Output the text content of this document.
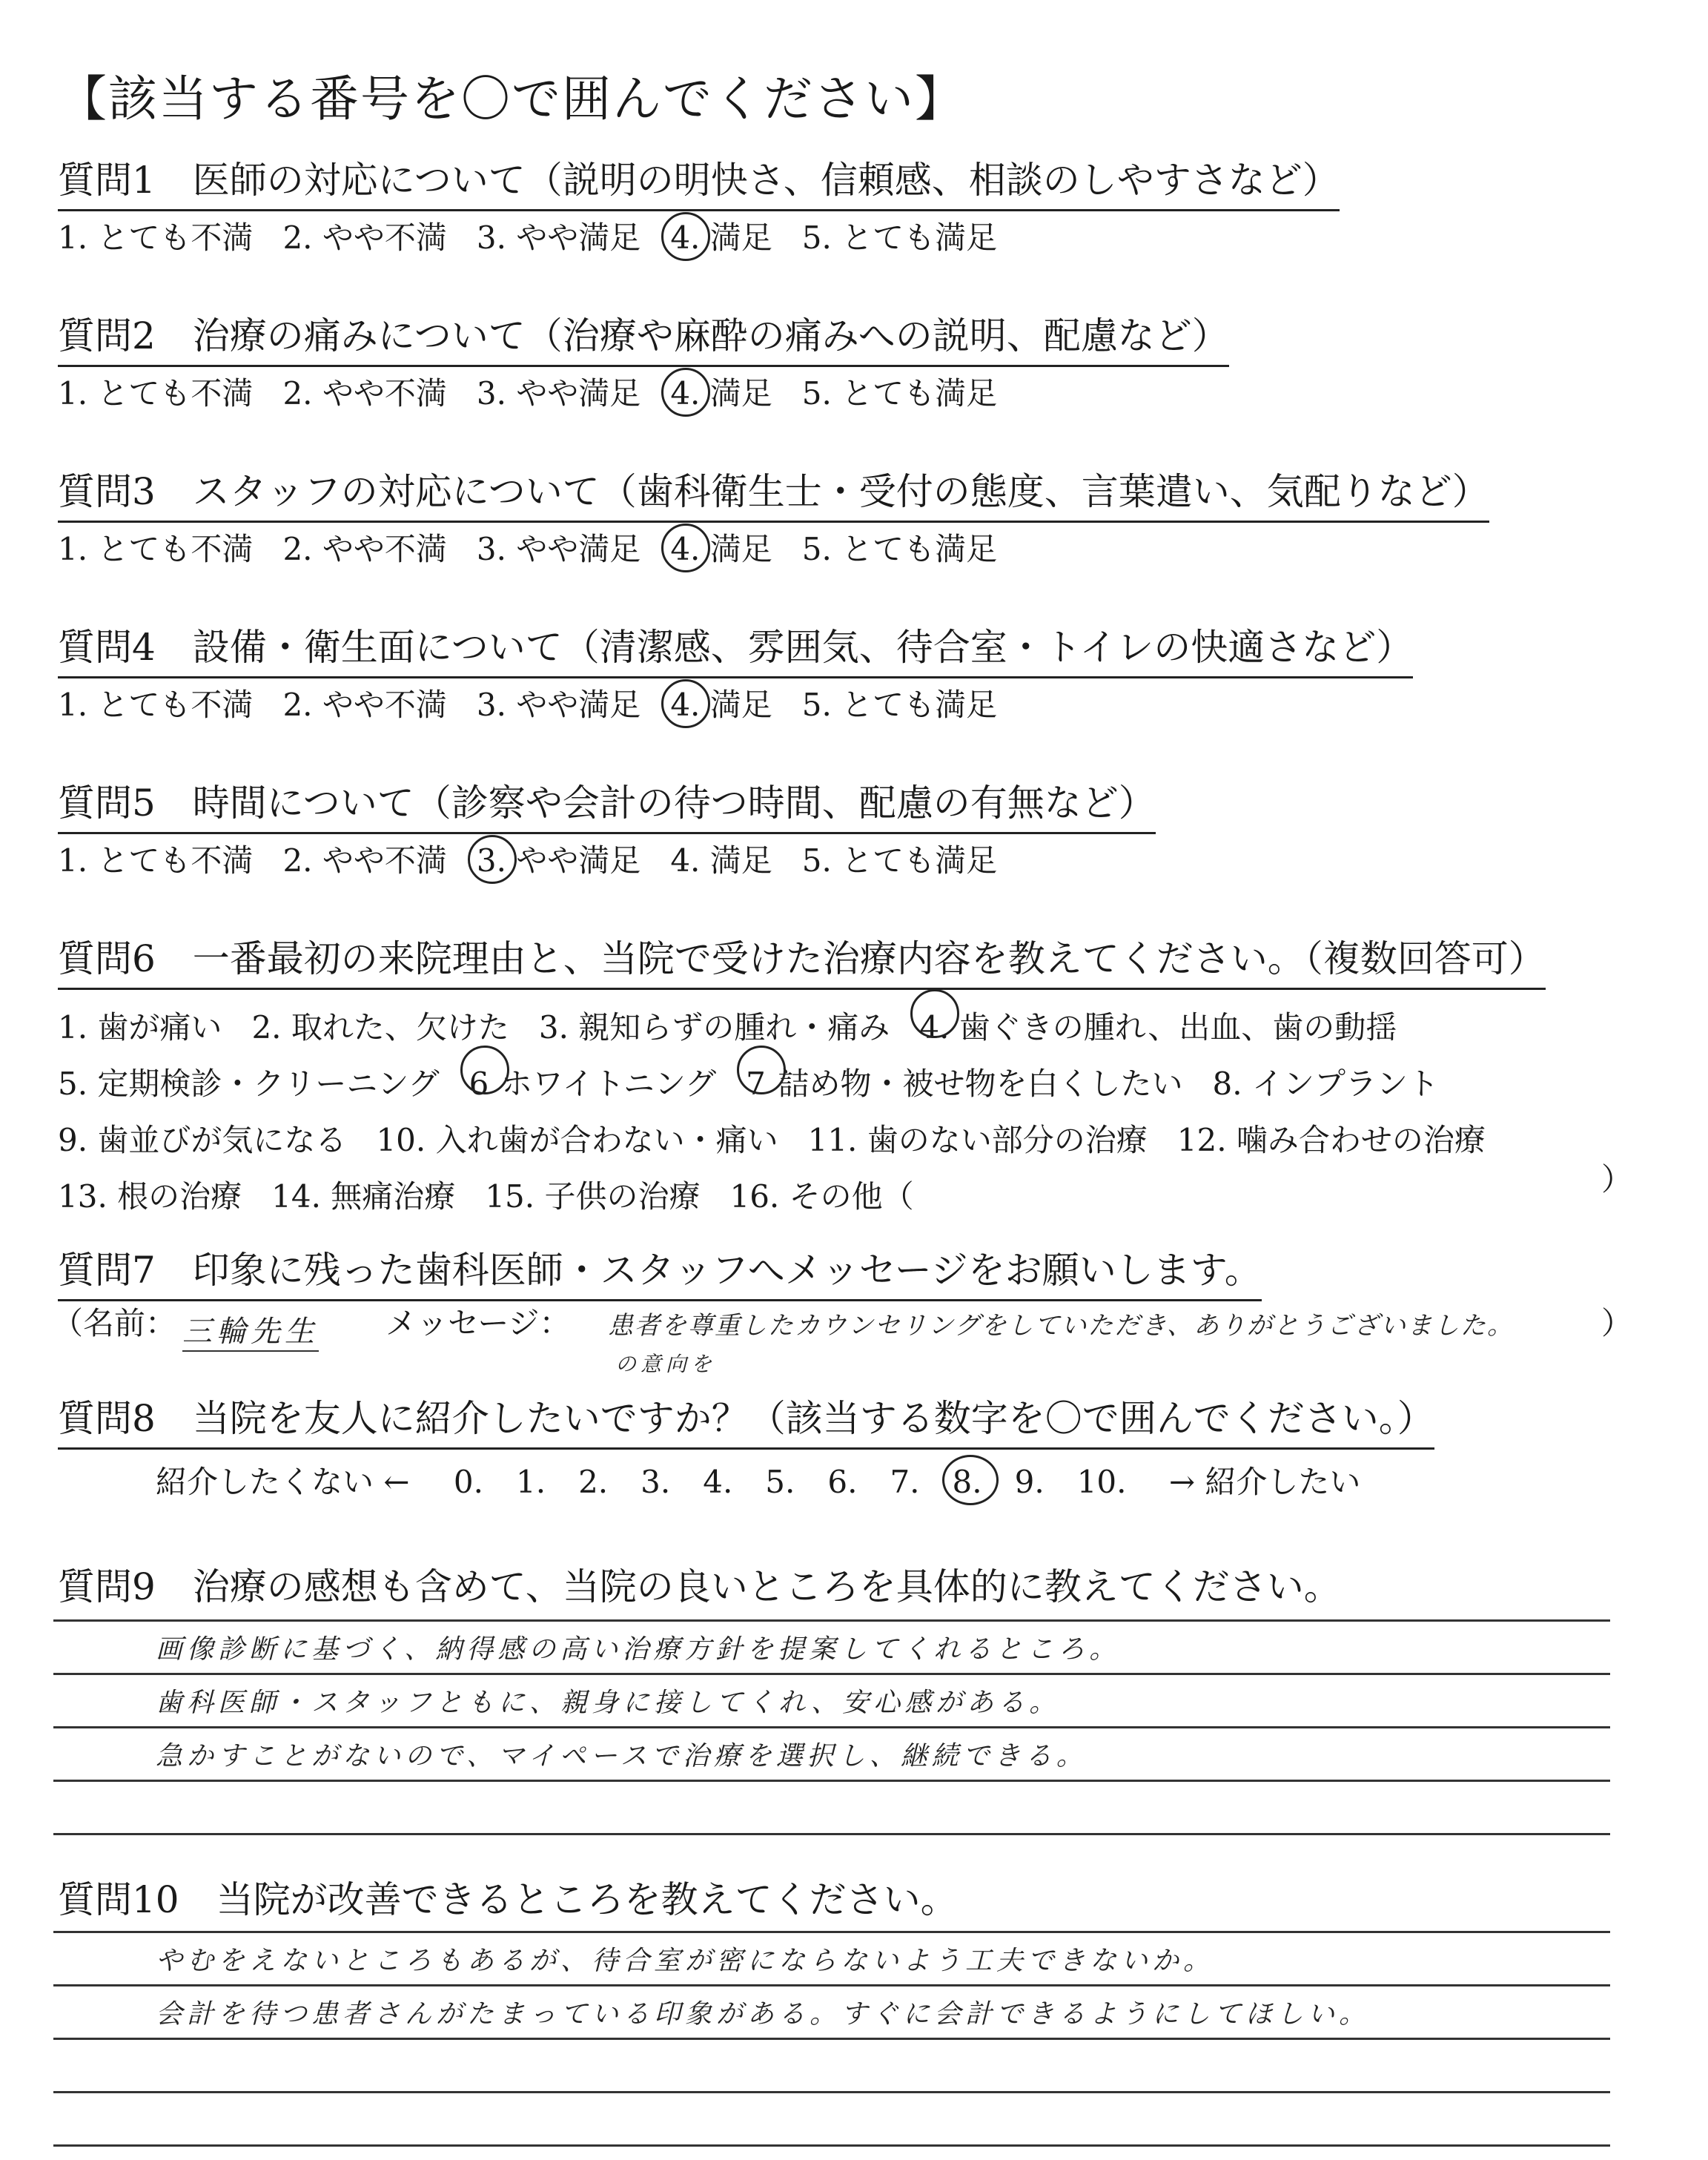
【該当する番号を〇で囲んでください】
質問1　医師の対応について（説明の明快さ、信頼感、相談のしやすさなど）
1. とても不満 2. やや不満 3. やや満足 4. 満足 5. とても満足
質問2　治療の痛みについて（治療や麻酔の痛みへの説明、配慮など）
1. とても不満 2. やや不満 3. やや満足 4. 満足 5. とても満足
質問3　スタッフの対応について（歯科衛生士・受付の態度、言葉遣い、気配りなど）
1. とても不満 2. やや不満 3. やや満足 4. 満足 5. とても満足
質問4　設備・衛生面について（清潔感、雰囲気、待合室・トイレの快適さなど）
1. とても不満 2. やや不満 3. やや満足 4. 満足 5. とても満足
質問5　時間について（診察や会計の待つ時間、配慮の有無など）
1. とても不満 2. やや不満 3. やや満足 4. 満足 5. とても満足
質問6　一番最初の来院理由と、当院で受けた治療内容を教えてください。（複数回答可）
1. 歯が痛い 2. 取れた、欠けた 3. 親知らずの腫れ・痛み 4. 歯ぐきの腫れ、出血、歯の動揺
5. 定期検診・クリーニング 6 ホワイトニング 7 詰め物・被せ物を白くしたい 8. インプラント
9. 歯並びが気になる 10. 入れ歯が合わない・痛い 11. 歯のない部分の治療 12. 噛み合わせの治療
13. 根の治療 14. 無痛治療 15. 子供の治療 16. その他（	）
質問7　印象に残った歯科医師・スタッフへメッセージをお願いします。
（名前： 三輪先生 メッセージ： 患者を尊重したカウンセリングをしていただき、ありがとうございました。
の意向を
）
質問8　当院を友人に紹介したいですか？（該当する数字を〇で囲んでください。）
紹介したくない ← 0. 1. 2. 3. 4. 5. 6. 7. 8. 9. 10. → 紹介したい
質問9　治療の感想も含めて、当院の良いところを具体的に教えてください。
画像診断に基づく、納得感の高い治療方針を提案してくれるところ。
歯科医師・スタッフともに、親身に接してくれ、安心感がある。
急かすことがないので、マイペースで治療を選択し、継続できる。
質問10　当院が改善できるところを教えてください。
やむをえないところもあるが、待合室が密にならないよう工夫できないか。
会計を待つ患者さんがたまっている印象がある。すぐに会計できるようにしてほしい。
